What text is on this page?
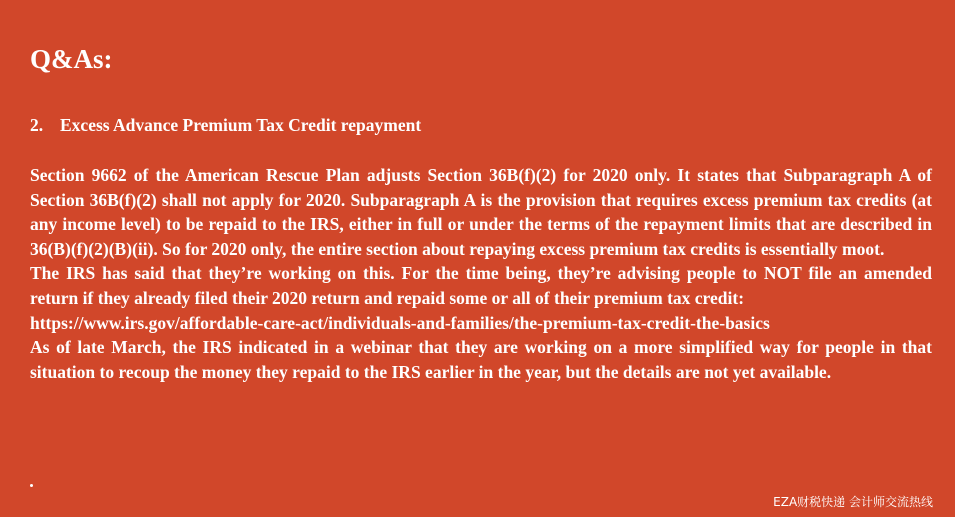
Q&As:
2. Excess Advance Premium Tax Credit repayment

Section 9662 of the American Rescue Plan adjusts Section 36B(f)(2) for 2020 only. It states that Subparagraph A of Section 36B(f)(2) shall not apply for 2020. Subparagraph A is the provision that requires excess premium tax credits (at any income level) to be repaid to the IRS, either in full or under the terms of the repayment limits that are described in 36(B)(f)(2)(B)(ii). So for 2020 only, the entire section about repaying excess premium tax credits is essentially moot.

The IRS has said that they’re working on this. For the time being, they’re advising people to NOT file an amended return if they already filed their 2020 return and repaid some or all of their premium tax credit:

https://www.irs.gov/affordable-care-act/individuals-and-families/the-premium-tax-credit-the-basics

As of late March, the IRS indicated in a webinar that they are working on a more simplified way for people in that situation to recoup the money they repaid to the IRS earlier in the year, but the details are not yet available.

EZA财税快递 会计师交流热线
